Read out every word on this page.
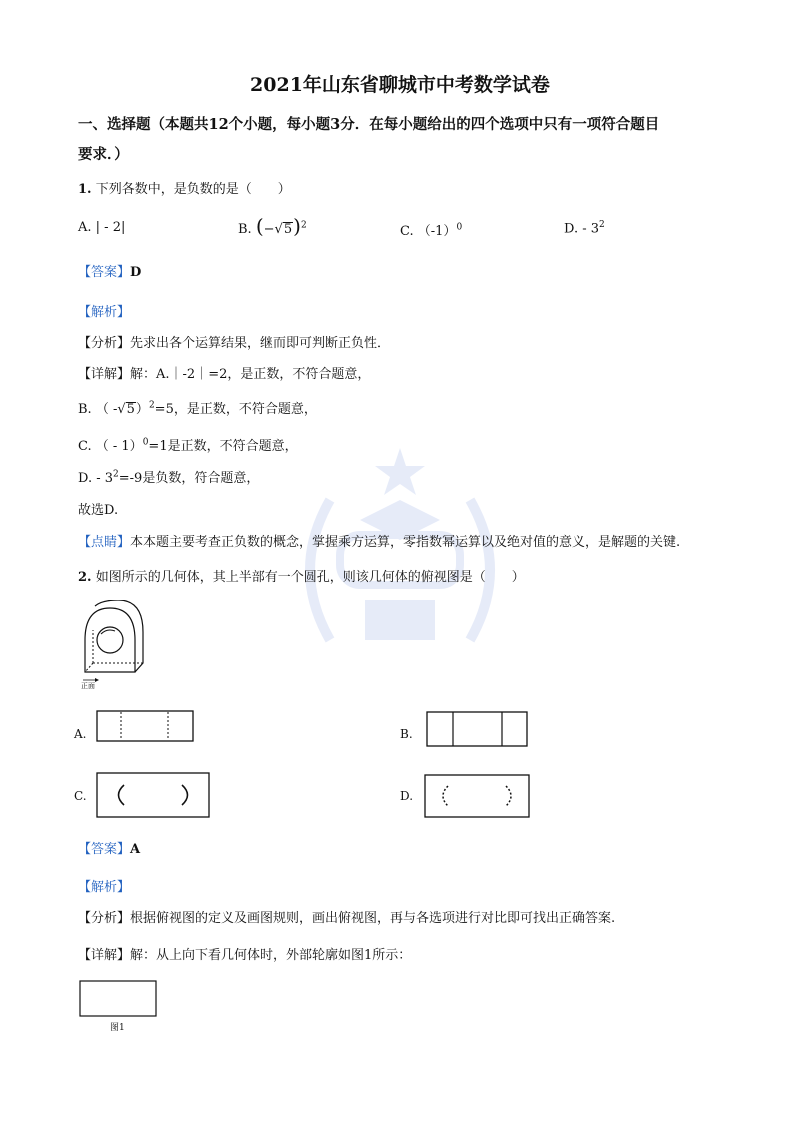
2021年山东省聊城市中考数学试卷
一、选择题（本题共12个小题，每小题3分．在每小题给出的四个选项中只有一项符合题目
要求．）
1. 下列各数中，是负数的是（　　）
A. | - 2|	B. $(-√5)^2$	C. $(-1)^0$	D. - $3^2$
【答案】D
【解析】
【分析】先求出各个运算结果，继而即可判断正负性．
【详解】解：A.｜-2｜=2，是正数，不符合题意，
B. （ -√5）$^2$=5，是正数，不符合题意，
C. （ - 1）$^0$=1是正数，不符合题意，
D. - $3^2=-9$是负数，符合题意，
故选D.
【点睛】本本题主要考查正负数的概念，掌握乘方运算，零指数幂运算以及绝对值的意义，是解题的关键.
2. 如图所示的几何体，其上半部有一个圆孔，则该几何体的俯视图是（　　）
正面
A.	B.
C.	D.
【答案】A
【解析】
【分析】根据俯视图的定义及画图规则，画出俯视图，再与各选项进行对比即可找出正确答案.
【详解】解：从上向下看几何体时，外部轮廓如图1所示：
图1
